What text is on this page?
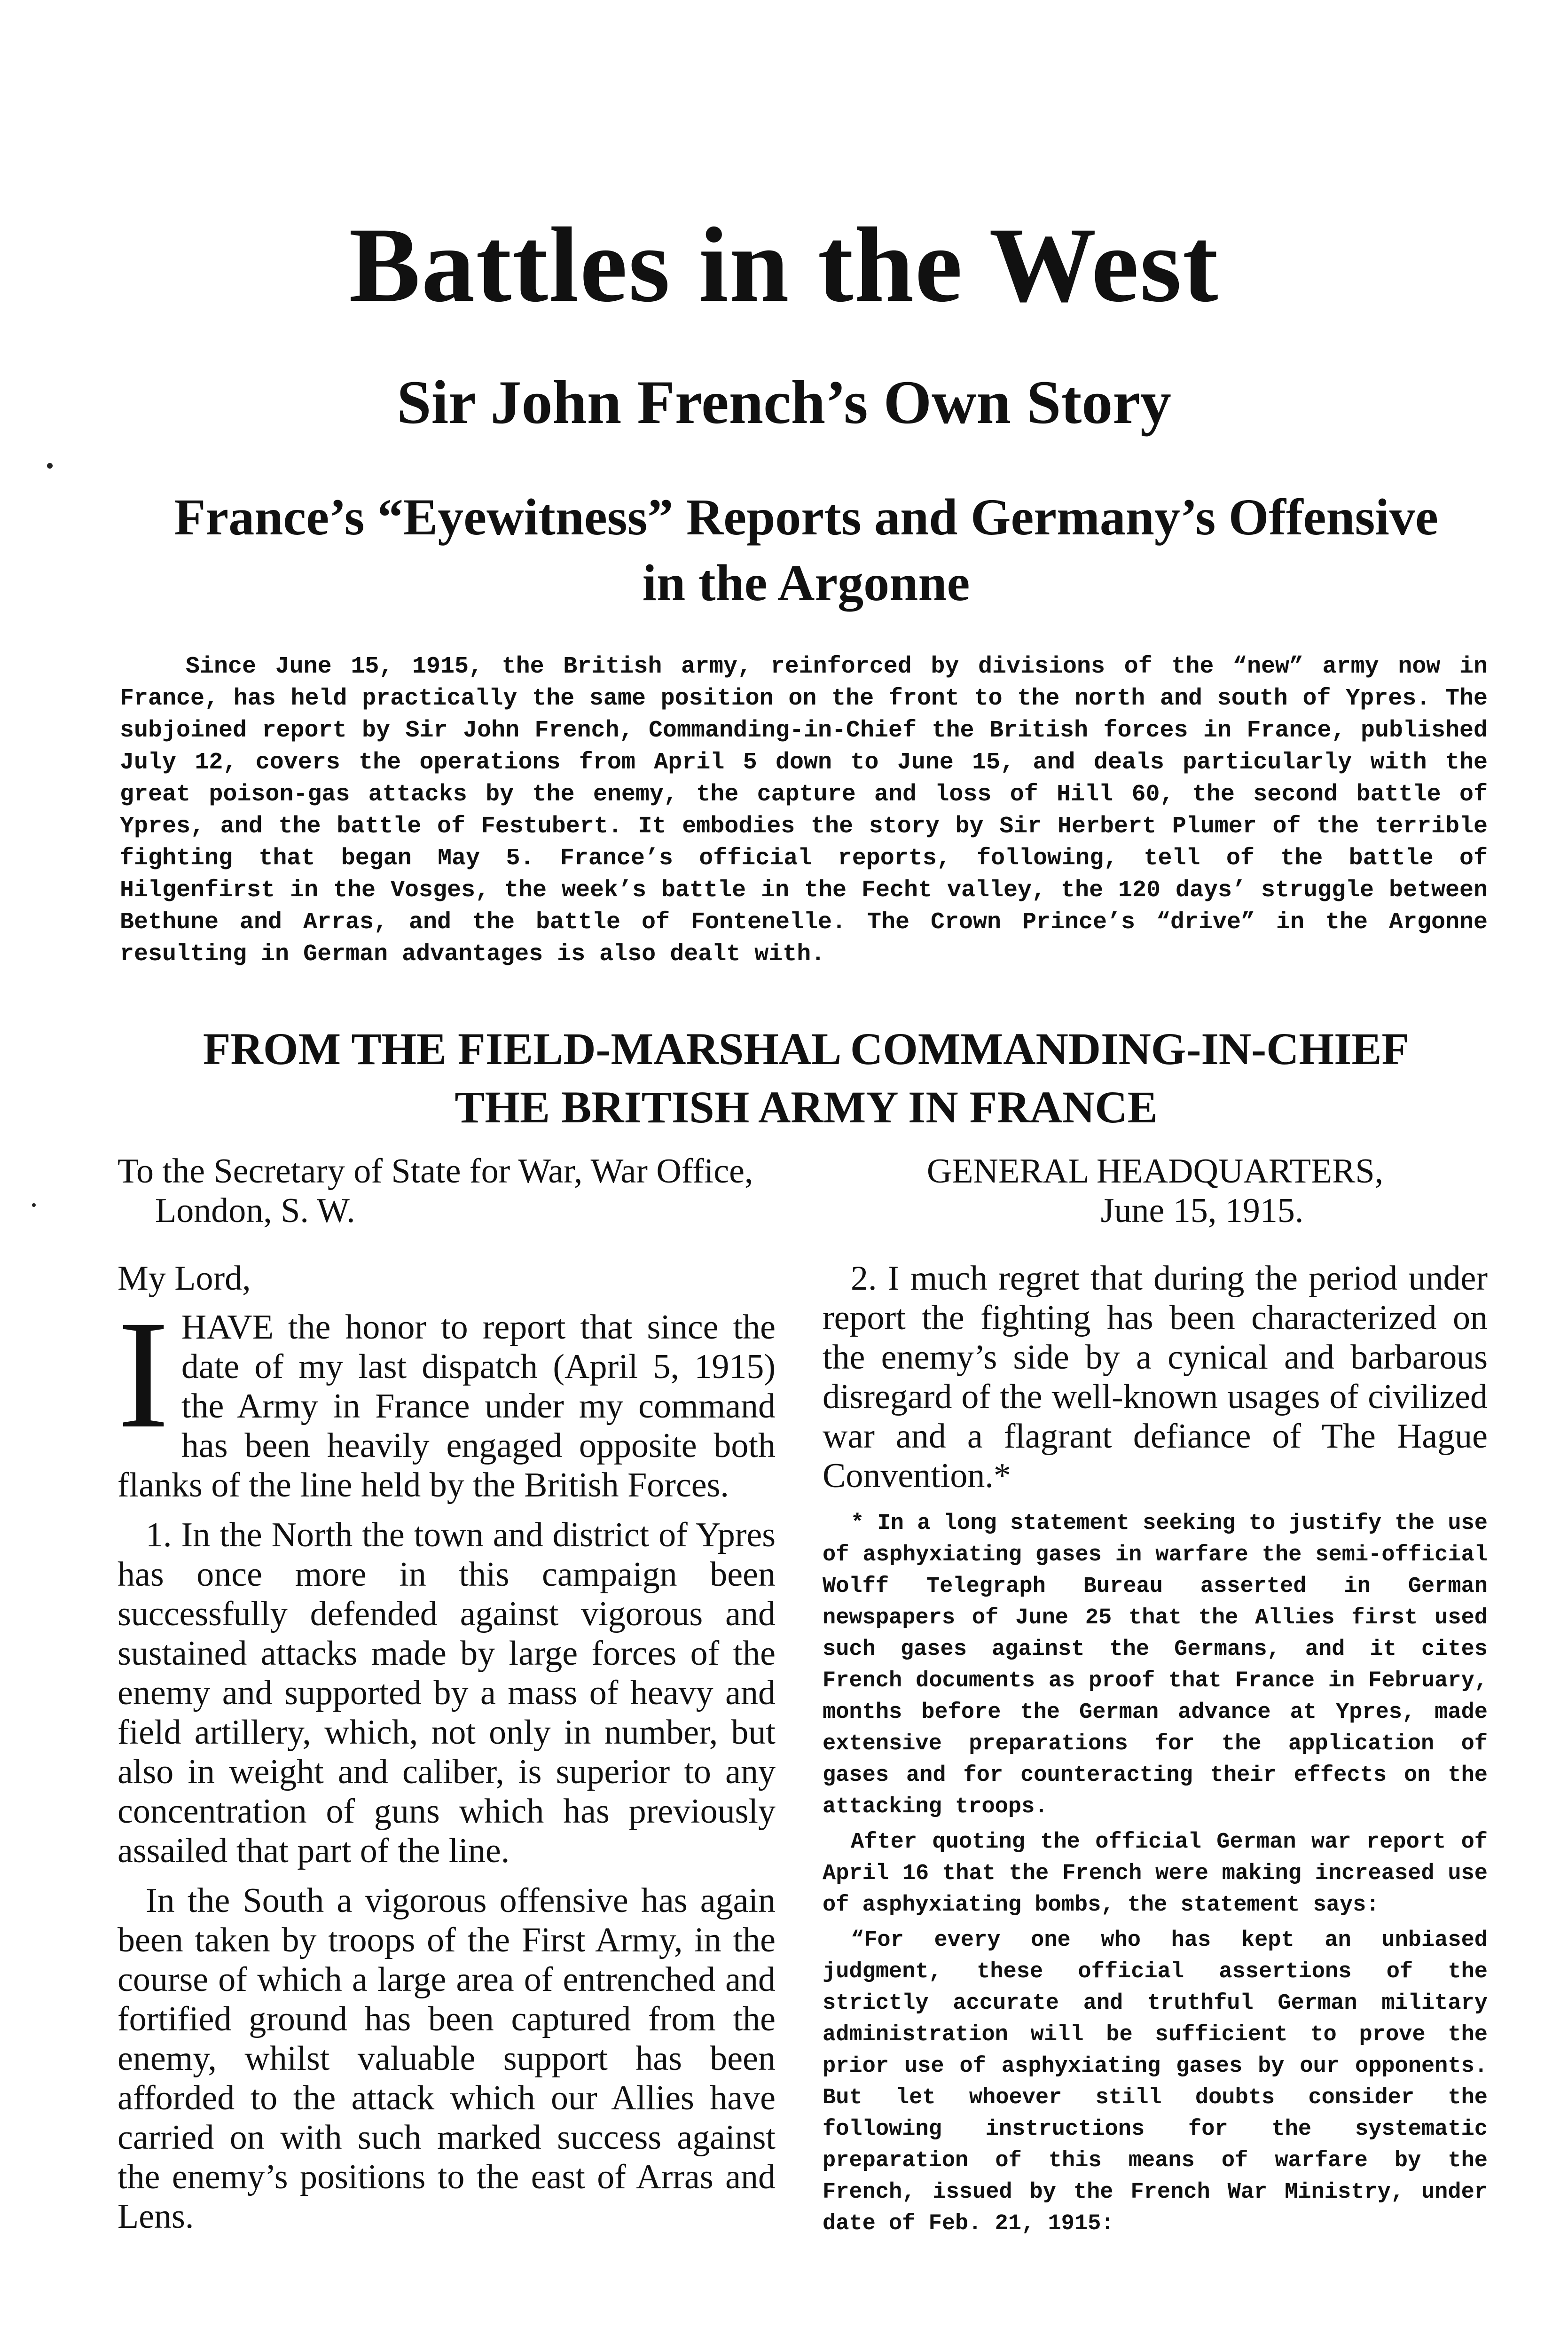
Battles in the West
Sir John French’s Own Story
France’s “Eyewitness” Reports and Germany’s Offensive
in the Argonne

Since June 15, 1915, the British army, reinforced by divisions of the “new” army now in France, has held practically the same position on the front to the north and south of Ypres. The subjoined report by Sir John French, Commanding-in-Chief the British forces in France, published July 12, covers the operations from April 5 down to June 15, and deals particularly with the great poison-gas attacks by the enemy, the capture and loss of Hill 60, the second battle of Ypres, and the battle of Festubert. It embodies the story by Sir Herbert Plumer of the terrible fighting that began May 5. France’s official reports, following, tell of the battle of Hilgenfirst in the Vosges, the week’s battle in the Fecht valley, the 120 days’ struggle between Bethune and Arras, and the battle of Fontenelle. The Crown Prince’s “drive” in the Argonne resulting in German advantages is also dealt with.

FROM THE FIELD-MARSHAL COMMANDING-IN-CHIEF
THE BRITISH ARMY IN FRANCE

To the Secretary of State for War, War Office, London, S. W.

My Lord,

IHAVE the honor to report that since the date of my last dispatch (April 5, 1915) the Army in France under my command has been heavily engaged opposite both flanks of the line held by the British Forces.

1. In the North the town and district of Ypres has once more in this campaign been successfully defended against vigorous and sustained attacks made by large forces of the enemy and supported by a mass of heavy and field artillery, which, not only in number, but also in weight and caliber, is superior to any concentration of guns which has previously assailed that part of the line.

In the South a vigorous offensive has again been taken by troops of the First Army, in the course of which a large area of entrenched and fortified ground has been captured from the enemy, whilst valuable support has been afforded to the attack which our Allies have carried on with such marked success against the enemy’s positions to the east of Arras and Lens.

GENERAL HEADQUARTERS,
June 15, 1915.

2. I much regret that during the period under report the fighting has been characterized on the enemy’s side by a cynical and barbarous disregard of the well-known usages of civilized war and a flagrant defiance of The Hague Convention.*

* In a long statement seeking to justify the use of asphyxiating gases in warfare the semi-official Wolff Telegraph Bureau asserted in German newspapers of June 25 that the Allies first used such gases against the Germans, and it cites French documents as proof that France in February, months before the German advance at Ypres, made extensive preparations for the application of gases and for counteracting their effects on the attacking troops.

After quoting the official German war report of April 16 that the French were making increased use of asphyxiating bombs, the statement says:

“For every one who has kept an unbiased judgment, these official assertions of the strictly accurate and truthful German military administration will be sufficient to prove the prior use of asphyxiating gases by our opponents. But let whoever still doubts consider the following instructions for the systematic preparation of this means of warfare by the French, issued by the French War Ministry, under date of Feb. 21, 1915:
